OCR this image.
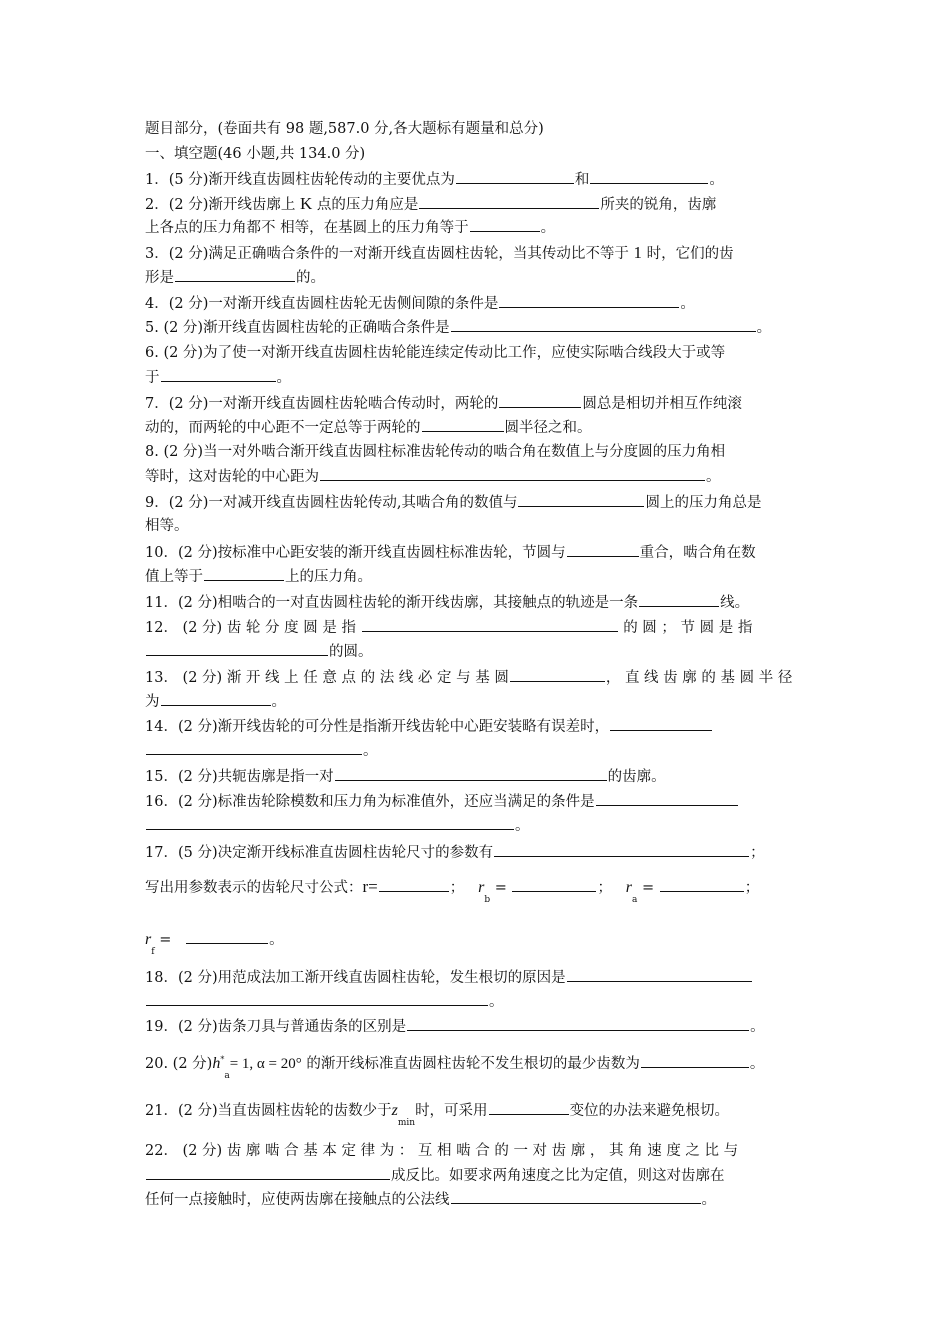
题目部分，(卷面共有 98 题,587.0 分,各大题标有题量和总分)
一、填空题(46 小题,共 134.0 分)
1．(5 分)渐开线直齿圆柱齿轮传动的主要优点为	和	。
2．(2 分)渐开线齿廓上 K 点的压力角应是	所夹的锐角，齿廓
上各点的压力角都不 相等，在基圆上的压力角等于	。
3．(2 分)满足正确啮合条件的一对渐开线直齿圆柱齿轮，当其传动比不等于 1 时，它们的齿
形是	的。
4．(2 分)一对渐开线直齿圆柱齿轮无齿侧间隙的条件是	。
5. (2 分)渐开线直齿圆柱齿轮的正确啮合条件是	。
6. (2 分)为了使一对渐开线直齿圆柱齿轮能连续定传动比工作，应使实际啮合线段大于或等
于	。
7．(2 分)一对渐开线直齿圆柱齿轮啮合传动时，两轮的	圆总是相切并相互作纯滚
动的，而两轮的中心距不一定总等于两轮的	圆半径之和。
8. (2 分)当一对外啮合渐开线直齿圆柱标准齿轮传动的啮合角在数值上与分度圆的压力角相
等时，这对齿轮的中心距为	。
9．(2 分)一对减开线直齿圆柱齿轮传动,其啮合角的数值与	圆上的压力角总是
相等。
10．(2 分)按标准中心距安装的渐开线直齿圆柱标准齿轮，节圆与	重合，啮合角在数
值上等于	上的压力角。
11．(2 分)相啮合的一对直齿圆柱齿轮的渐开线齿廓，其接触点的轨迹是一条	线。
12． (2 分) 齿 轮 分 度 圆 是 指	的 圆 ； 节 圆 是 指
的圆。
13． (2 分) 渐 开 线 上 任 意 点 的 法 线 必 定 与 基 圆	， 直 线 齿 廓 的 基 圆 半 径
为	。
14．(2 分)渐开线齿轮的可分性是指渐开线齿轮中心距安装略有误差时，
。
15．(2 分)共轭齿廓是指一对	的齿廓。
16．(2 分)标准齿轮除模数和压力角为标准值外，还应当满足的条件是
。
17．(5 分)决定渐开线标准直齿圆柱齿轮尺寸的参数有	；
写出用参数表示的齿轮尺寸公式：r=	；   $r_b$ =	；   $r_a$ =	；
$r_f$ =	。
18．(2 分)用范成法加工渐开线直齿圆柱齿轮，发生根切的原因是
。
19．(2 分)齿条刀具与普通齿条的区别是	。
20. (2 分)$h^*_a= 1$, α = 20° 的渐开线标准直齿圆柱齿轮不发生根切的最少齿数为	。
21．(2 分)当直齿圆柱齿轮的齿数少于$z_{min}$时，可采用	变位的办法来避免根切。
22． (2 分) 齿 廓 啮 合 基 本 定 律 为 ： 互 相 啮 合 的 一 对 齿 廓 ， 其 角 速 度 之 比 与
成反比。如要求两角速度之比为定值，则这对齿廓在
任何一点接触时，应使两齿廓在接触点的公法线	。
